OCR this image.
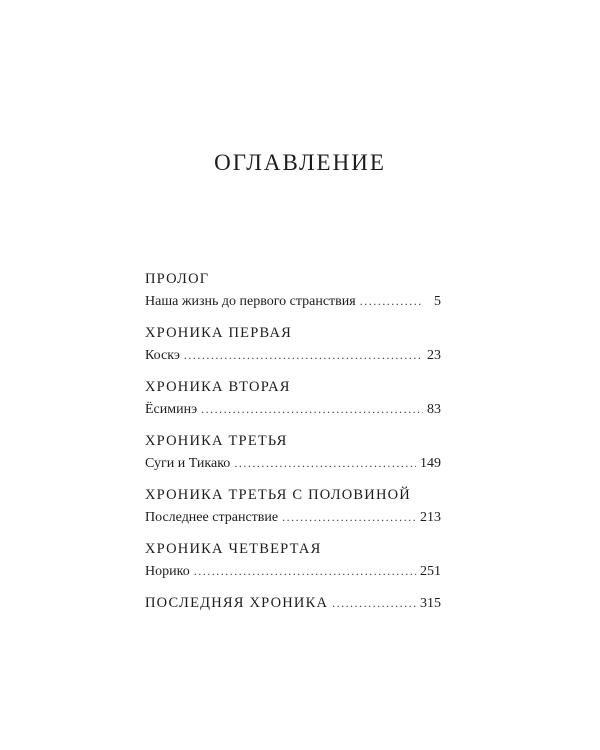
ОГЛАВЛЕНИЕ
ПРОЛОГ
Наша жизнь до первого странствия . . .	5
ХРОНИКА ПЕРВАЯ
Коскэ . . .	23
ХРОНИКА ВТОРАЯ
Ёсиминэ . . .	83
ХРОНИКА ТРЕТЬЯ
Суги и Тикако . . .	149
ХРОНИКА ТРЕТЬЯ С ПОЛОВИНОЙ
Последнее странствие . . .	213
ХРОНИКА ЧЕТВЕРТАЯ
Норико . . .	251
ПОСЛЕДНЯЯ ХРОНИКА . . .	315
